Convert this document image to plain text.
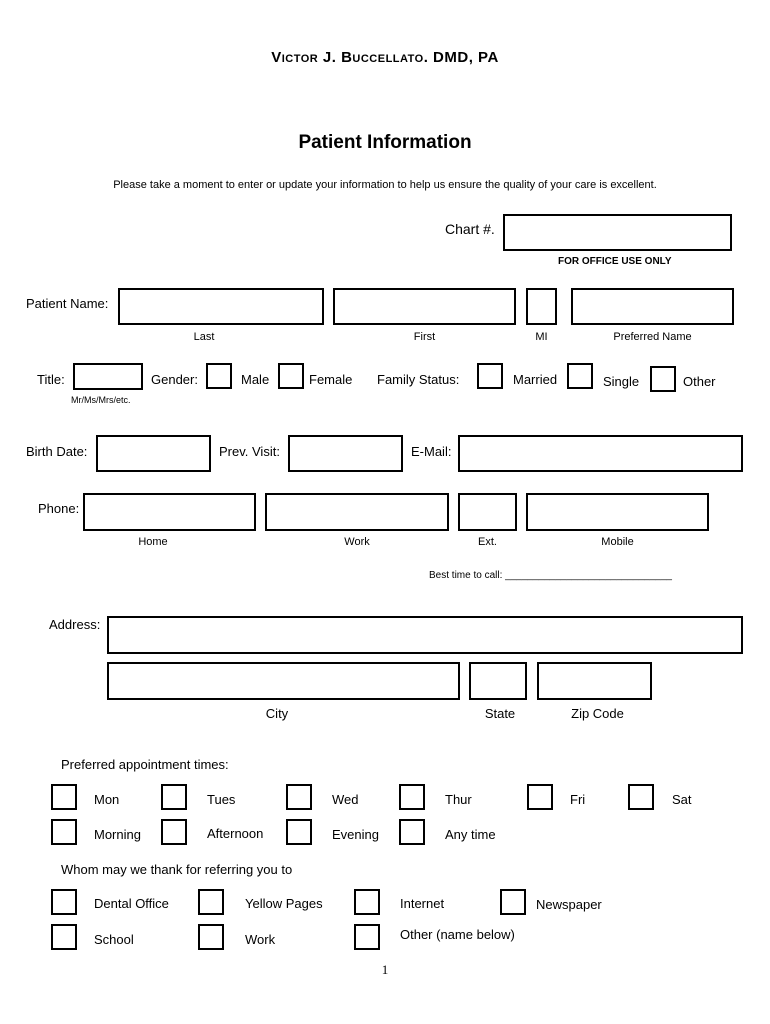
Victor J. Buccellato. DMD, PA
Patient Information
Please take a moment to enter or update your information to help us ensure the quality of your care is excellent.
Chart #.
FOR OFFICE USE ONLY
Patient Name:
Last	First	MI	Preferred Name
Title:
Mr/Ms/Mrs/etc.
Gender:	Male	Female Family Status:	Married	Single	Other
Birth Date:	Prev. Visit:	E-Mail:
Phone:
Home	Work	Ext.	Mobile
Best time to call: ______________________________
Address:
City	State	Zip Code
Preferred appointment times:
Mon	Tues	Wed	Thur	Fri	Sat
Morning	Afternoon	Evening	Any time
Whom may we thank for referring you to
Dental Office	Yellow Pages	Internet	Newspaper
School	Work	Other (name below)
1
